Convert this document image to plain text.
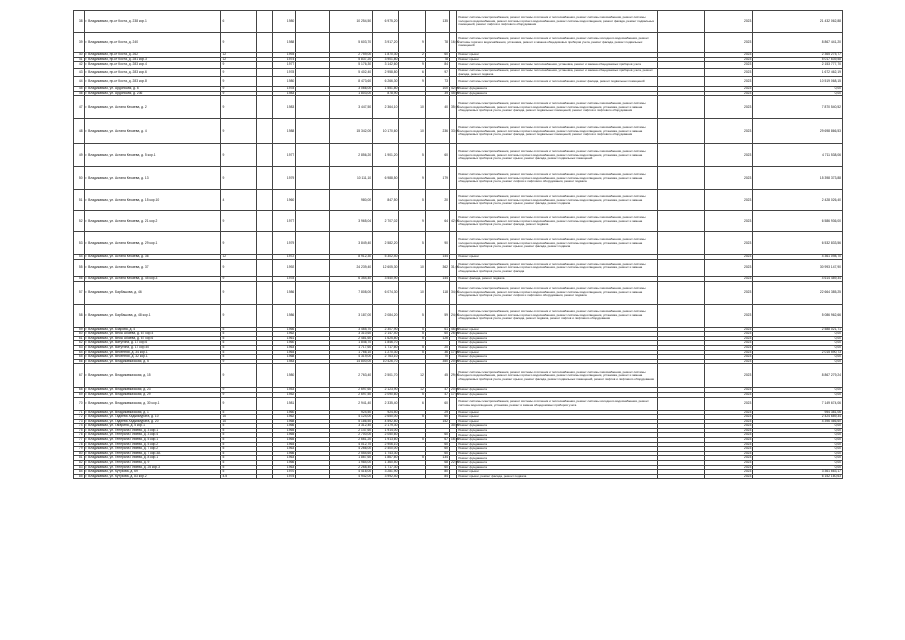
38	г. Владикавказ, пр-кт Коста, д. 238 кор.1	6		1980		10 254,50	6 975,20		135		Ремонт системы электроснабжения, ремонт системы отопления и теплоснабжения, ремонт системы газоснабжения, ремонт системы холодного водоснабжения, ремонт системы горячего водоснабжения, ремонт системы водоотведения, ремонт фасада, ремонт подвальных помещений, ремонт лифтов и лифтового оборудования		2023	21 432 062,88
39	г. Владикавказ, пр-кт Коста, д. 240	9		1988		5 603,70	3 917,20	9	78	16,00	Ремонт системы электроснабжения, ремонт системы отопления и теплоснабжения, ремонт системы холодного водоснабжения, ремонт системы горячего водоснабжения, установка, ремонт и замена общедомовых приборов учета, ремонт фасада, ремонт подвальных помещений		2023	8 867 441,20
40	г. Владикавказ, пр-кт Коста, д. 262	12		1993		2 759,00	1 870,30	2	60		Ремонт крыши		2023	2 365 275,77
41	г. Владикавказ, пр-кт Коста, д. 281 кор.3	12		1974		5 837,20	3 901,80		78		Ремонт крыши		2023	5 017 639,58
42	г. Владикавказ, пр-кт Коста, д. 283 кор.4	9		1977		5 176,30	3 142,60	9	84		Ремонт системы электроснабжения, ремонт системы теплоснабжения, установка, ремонт и замена общедомовых приборов учета		2023	2 153 777,70
43	г. Владикавказ, пр-кт Коста, д. 283 кор.6	9		1978		5 402,40	2 958,80	6	97		Ремонт системы электроснабжения, ремонт системы теплоснабжения, установка, ремонт и замена общедомовых приборов учета, ремонт фасада, ремонт подвала		2023	1 672 462,19
44	г. Владикавказ, пр-кт Коста, д. 283 кор.8	9		1980		8 473,60	6 266,30	9	73		Ремонт системы электроснабжения, ремонт системы отопления и теплоснабжения, ремонт фасада, ремонт подвальных помещений		2023	10 519 068,15
45	г. Владикавказ, ул. Ардонская, д. 6	9		1978		3 066,00	1 551,80		100	42,00	Ремонт фундамента		2023	0,00
46	г. Владикавказ, ул. Ардонская, д. 236	9		1983		1 803,00	878,90		39	45,00	Ремонт фундамента		2023	0,00
47	г. Владикавказ, ул. Астана Кесаева, д. 2	9		1983		3 447,50	2 364,10	10	40	35,00	Ремонт системы электроснабжения, ремонт системы отопления и теплоснабжения, ремонт системы газоснабжения, ремонт системы холодного водоснабжения, ремонт системы горячего водоснабжения, ремонт системы водоотведения, установка, ремонт и замена общедомовых приборов учета, ремонт фасада, ремонт подвальных помещений, ремонт лифтов и лифтового оборудования		2023	7 870 540,52
48	г. Владикавказ, ул. Астана Кесаева, д. 4	9		1988		15 342,00	10 170,60	10	236	33,00	Ремонт системы электроснабжения, ремонт системы отопления и теплоснабжения, ремонт системы газоснабжения, ремонт системы холодного водоснабжения, ремонт системы горячего водоснабжения, ремонт системы водоотведения, установка, ремонт и замена общедомовых приборов учета, ремонт фасада, ремонт подвальных помещений, ремонт лифтов и лифтового оборудования		2023	29 698 866,53
49	г. Владикавказ, ул. Астана Кесаева, д. 5 кор.1	9		1977		2 856,20	1 901,20	5	60		Ремонт системы электроснабжения, ремонт системы отопления и теплоснабжения, ремонт системы газоснабжения, ремонт системы холодного водоснабжения, ремонт системы горячего водоснабжения, ремонт системы водоотведения, установка, ремонт и замена общедомовых приборов учета, ремонт крыши, ремонт фасада, ремонт подвальных помещений		2023	4 711 538,06
50	г. Владикавказ, ул. Астана Кесаева, д. 13	9		1979		10 111,10	6 988,50	9	179		Ремонт системы электроснабжения, ремонт системы отопления и теплоснабжения, ремонт системы газоснабжения, ремонт системы холодного водоснабжения, ремонт системы горячего водоснабжения, ремонт системы водоотведения, установка, ремонт и замена общедомовых приборов учета, ремонт лифтов и лифтового оборудования, ремонт подвала		2023	15 398 373,88
51	г. Владикавказ, ул. Астана Кесаева, д. 15 кор.10	4		1960		980,00	847,50	5	20		Ремонт системы электроснабжения, ремонт системы отопления и теплоснабжения, ремонт системы газоснабжения, ремонт системы холодного водоснабжения, ремонт системы горячего водоснабжения, ремонт системы водоотведения, установка, ремонт и замена общедомовых приборов учета, ремонт крыши, ремонт фасада, ремонт подвала		2023	2 428 026,40
52	г. Владикавказ, ул. Астана Кесаева, д. 21 кор.2	9		1977		3 965,04	2 707,02	9	64	42,00	Ремонт системы электроснабжения, ремонт системы отопления и теплоснабжения, ремонт системы газоснабжения, ремонт системы холодного водоснабжения, ремонт системы горячего водоснабжения, ремонт системы водоотведения, установка, ремонт и замена общедомовых приборов учета, ремонт фасада, ремонт подвала		2023	6 586 936,00
53	г. Владикавказ, ул. Астана Кесаева, д. 29 кор.1	9		1979		3 849,40	2 582,20	5	90		Ремонт системы электроснабжения, ремонт системы отопления и теплоснабжения, ремонт системы газоснабжения, ремонт системы холодного водоснабжения, ремонт системы горячего водоснабжения, ремонт системы водоотведения, установка, ремонт и замена общедомовых приборов учета, ремонт крыши, ремонт фасада, ремонт подвала		2023	6 532 833,56
54	г. Владикавказ, ул. Астана Кесаева, д. 36	12		1972		8 912,30	5 302,40		144		Ремонт крыши		2023	4 361 098,70
55	г. Владикавказ, ул. Астана Кесаева, д. 37	9		1992		24 239,40	12 605,30	10	362	31,00	Ремонт системы электроснабжения, ремонт системы отопления и теплоснабжения, ремонт системы газоснабжения, ремонт системы холодного водоснабжения, ремонт системы горячего водоснабжения, ремонт системы водоотведения, установка, ремонт и замена общедомовых приборов учета, ремонт фасада		2023	30 993 147,90
56	г. Владикавказ, ул. Астана Кесаева, д. 45 кор.3	9		1978		6 354,40	3 540,90		144		Ремонт фасада, ремонт подвала		2023	4 614 489,34
57	г. Владикавказ, ул. Барбашова, д. 46	9		1986		7 808,00	6 074,30	10	118	34,00	Ремонт системы электроснабжения, ремонт системы отопления и теплоснабжения, ремонт системы газоснабжения, ремонт системы холодного водоснабжения, ремонт системы горячего водоснабжения, ремонт системы водоотведения, установка, ремонт и замена общедомовых приборов учета, ремонт лифтов и лифтового оборудования, ремонт подвала		2023	22 664 385,25
58	г. Владикавказ, ул. Барбашова, д. 48 кор.1	9		1986		3 187,00	2 084,20	5	59	24,00	Ремонт системы электроснабжения, ремонт системы отопления и теплоснабжения, ремонт системы газоснабжения, ремонт системы холодного водоснабжения, ремонт системы горячего водоснабжения, ремонт системы водоотведения, установка, ремонт и замена общедомовых приборов учета, ремонт фасада, ремонт подвала, ремонт лифтов и лифтового оборудования		2023	5 086 962,66
59	г. Владикавказ, ул. Бзарова, д. 4	5		1966		3 465,70	2 307,90	5	61	46,00	Ремонт крыши		2023	2 588 021,71
60	г. Владикавказ, ул. Весы Абаева, д. 67 кор.4	5		1962		3 310,60	2 147,40	5	60	26,00	Ремонт фундамента		2023	0,00
61	г. Владикавказ, ул. Весы Абаева, д. 67 кор.6	5		1961		2 481,60	1 625,80	5	126		Ремонт фундамента		2023	0,00
62	г. Владикавказ, ул. Ватутина, д. 17 кор.6	5		1960		1 846,70	1 846,70				Ремонт фундамента		2023	0,00
63	г. Владикавказ, ул. Ватутина, д. 17 кор.40	5		1963		1 717,60	1 717,60	5	20		Ремонт фундамента		2023	0,00
64	г. Владикавказ, ул. Весенняя, д. 34 кор.1	5		1964		1 766,10	1 270,30	5	36	17,00	Ремонт крыши		2023	2 015 590,73
65	г. Владикавказ, ул. Весенняя, д. 32 кор.1	5		1968		4 319,00	2 763,10		70		Ремонт фундамента		2023	0,00
66	г. Владикавказ, ул. Владикавказская, д. 5	9		1983		14 800,00	10 426,70		350	20,00	Ремонт фундамента		2023	0,00
67	г. Владикавказ, ул. Владикавказская, д. 15	9		1980		2 763,40	2 501,70	12	45	29,00	Ремонт системы электроснабжения, ремонт системы отопления и теплоснабжения, ремонт системы газоснабжения, ремонт системы холодного водоснабжения, ремонт системы горячего водоснабжения, ремонт системы водоотведения, установка, ремонт и замена общедомовых приборов учета, ремонт крыши, ремонт фасада, ремонт подвальных помещений, ремонт лифтов и лифтового оборудования		2023	8 867 279,24
68	г. Владикавказ, ул. Владикавказская, д. 23	9		1953		2 697,60	2 123,90	12	47	20,00	Ремонт фундамента		2023	0,00
69	г. Владикавказ, ул. Владикавказская, д. 29	9		1952		2 697,50	2 090,60	5	47	17,00	Ремонт фундамента		2023	0,00
70	г. Владикавказ, ул. Владикавказская, д. 30 кор.1	9		1981		2 941,40	2 335,40	6	60		Ремонт системы электроснабжения, ремонт системы отопления и теплоснабжения, ремонт системы холодного водоснабжения, ремонт системы водоотведения, установка, ремонт и замена общедомовых приборов учета		2023	7 149 674,06
71	г. Владикавказ, ул. Владикавказская, д. 1	5		1960		924,50	924,50		29		Ремонт крыши		2023	954 381,06
72	г. Владикавказ, ул. Гадиева Хаджимурата, д. 10	10		1962		4 124,00	2 650,00	5	60		Ремонт крыши		2023	2 424 689,34
73	г. Владикавказ, ул. Гадиева Хаджимурата, д. 20	10		1968		5 186,50	4 592,80		152		Ремонт крыши		2023	4 396 466,60
74	г. Владикавказ, ул. Гагарина, д. 5 кор.1	5		1966		3 312,40	2 179,30			30,00	Ремонт фундамента		2023	0,00
75	г. Владикавказ, ул. Генерала Плиева, д. 3 кор.1	5		1965		2 147,60	1 914,00				Ремонт фундамента		2023	0,00
76	г. Владикавказ, ул. Генерала Плиева, д. 3 кор.4	5		1965		2 700,00	2 050,60		60		Ремонт фундамента		2023	0,00
77	г. Владикавказ, ул. Генерала Плиева, д. 5 кор.1	5		1965		2 661,20	1 913,60	5	67	16,50	Ремонт фундамента		2023	0,00
78	г. Владикавказ, ул. Генерала Плиева, д. 5 кор.2	5		1964		4 012,70	2 906,10		60		Ремонт фундамента		2023	0,00
79	г. Владикавказ, ул. Генерала Плиева, д. 7 кор.2	5		1963		4 266,00	2 400,00		60		Ремонт фундамента		2023	0,00
80	г. Владикавказ, ул. Генерала Плиева, д. 7 кор.3А	5		1966		2 554,60	1 743,30		60		Ремонт фундамента		2023	0,00
81	г. Владикавказ, ул. Генерала Плиева, д. 8 кор.1	5		1963		1 867,60	1 867,60	5	134		Ремонт фундамента		2023	0,00
82	г. Владикавказ, ул. Генерала Плиева, д. 9	5		1966		1 984,00	1 360,50		68	22,00	Ремонт фундамента		2023	0,00
83	г. Владикавказ, ул. Генерала Плиева, д. 25 кор.3	5		1963		2 268,40	1 717,30		60		Ремонт фундамента		2023	0,00
84	г. Владикавказ, ул. Кутузова, д. 69	5		1970		4 416,00	3 281,90		80		Ремонт крыши		2023	3 361 663,17
85	г. Владикавказ, ул. Кутузова, д. 83 кор.2	4.5		1975		4 942,00	3 992,40		84		Ремонт крыши, ремонт фасада, ремонт подвала		2023	6 152 160,63
